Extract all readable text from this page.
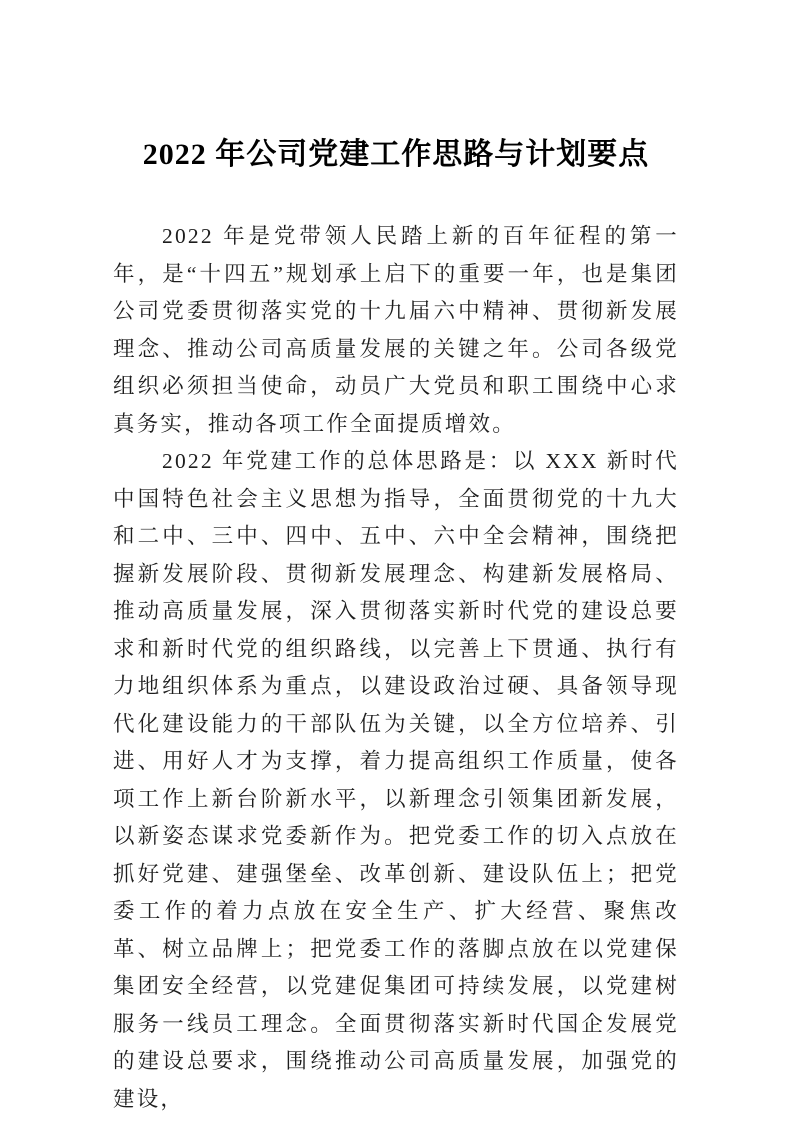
2022 年公司党建工作思路与计划要点

2022 年是党带领人民踏上新的百年征程的第一年，是“十四五”规划承上启下的重要一年，也是集团公司党委贯彻落实党的十九届六中精神、贯彻新发展理念、推动公司高质量发展的关键之年。公司各级党组织必须担当使命，动员广大党员和职工围绕中心求真务实，推动各项工作全面提质增效。

2022 年党建工作的总体思路是：以 XXX 新时代中国特色社会主义思想为指导，全面贯彻党的十九大和二中、三中、四中、五中、六中全会精神，围绕把握新发展阶段、贯彻新发展理念、构建新发展格局、推动高质量发展，深入贯彻落实新时代党的建设总要求和新时代党的组织路线，以完善上下贯通、执行有力地组织体系为重点，以建设政治过硬、具备领导现代化建设能力的干部队伍为关键，以全方位培养、引进、用好人才为支撑，着力提高组织工作质量，使各项工作上新台阶新水平，以新理念引领集团新发展，以新姿态谋求党委新作为。把党委工作的切入点放在抓好党建、建强堡垒、改革创新、建设队伍上；把党委工作的着力点放在安全生产、扩大经营、聚焦改革、树立品牌上；把党委工作的落脚点放在以党建保集团安全经营，以党建促集团可持续发展，以党建树服务一线员工理念。全面贯彻落实新时代国企发展党的建设总要求，围绕推动公司高质量发展，加强党的建设，
